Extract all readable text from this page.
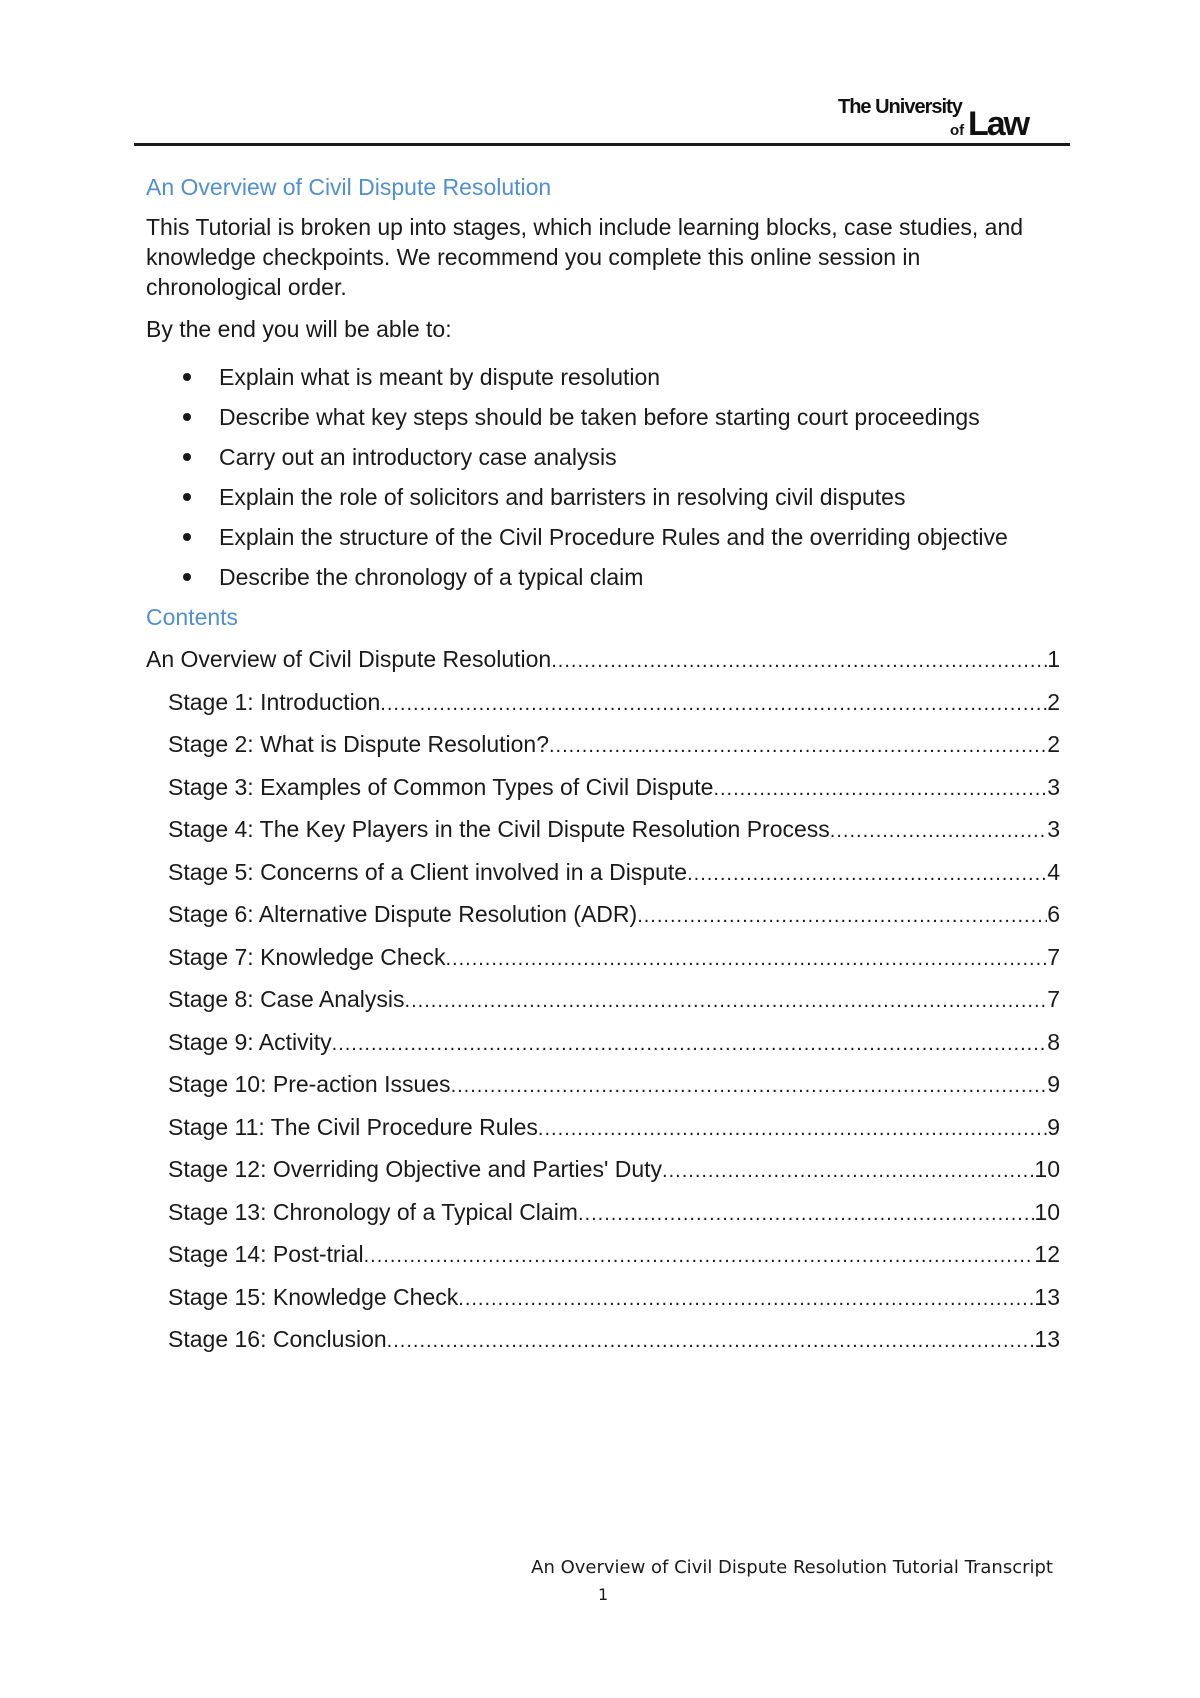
The University
of Law
An Overview of Civil Dispute Resolution

This Tutorial is broken up into stages, which include learning blocks, case studies, and knowledge checkpoints. We recommend you complete this online session in chronological order.

By the end you will be able to:

Explain what is meant by dispute resolution
Describe what key steps should be taken before starting court proceedings
Carry out an introductory case analysis
Explain the role of solicitors and barristers in resolving civil disputes
Explain the structure of the Civil Procedure Rules and the overriding objective
Describe the chronology of a typical claim
Contents
An Overview of Civil Dispute Resolution .....	1
Stage 1: Introduction .....	2
Stage 2: What is Dispute Resolution? .....	2
Stage 3: Examples of Common Types of Civil Dispute .....	3
Stage 4: The Key Players in the Civil Dispute Resolution Process .....	3
Stage 5: Concerns of a Client involved in a Dispute .....	4
Stage 6: Alternative Dispute Resolution (ADR) .....	6
Stage 7: Knowledge Check .....	7
Stage 8: Case Analysis .....	7
Stage 9: Activity .....	8
Stage 10: Pre-action Issues .....	9
Stage 11: The Civil Procedure Rules .....	9
Stage 12: Overriding Objective and Parties' Duty .....	10
Stage 13: Chronology of a Typical Claim .....	10
Stage 14: Post-trial .....	12
Stage 15: Knowledge Check .....	13
Stage 16: Conclusion .....	13
An Overview of Civil Dispute Resolution Tutorial Transcript
1
